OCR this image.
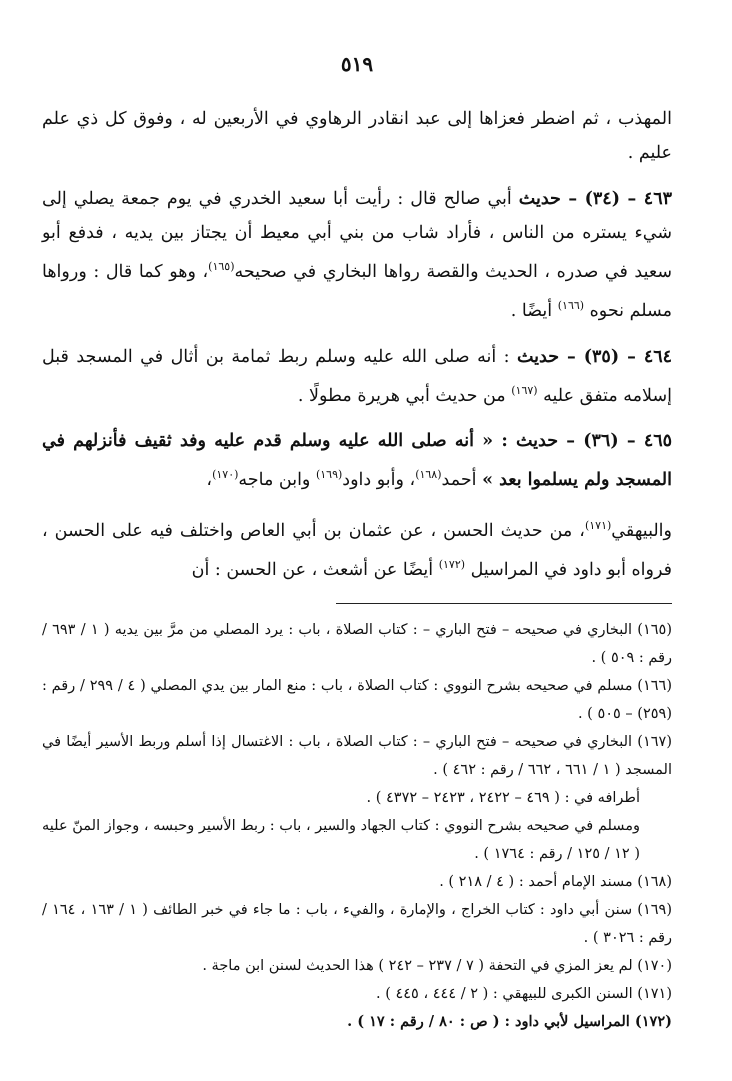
٥١٩

المهذب ، ثم اضطر فعزاها إلى عبد انقادر الرهاوي في الأربعين له ، وفوق كل ذي علم عليم .

٤٦٣ – (٣٤) – حديث أبي صالح قال : رأيت أبا سعيد الخدري في يوم جمعة يصلي إلى شيء يستره من الناس ، فأراد شاب من بني أبي معيط أن يجتاز بين يديه ، فدفع أبو سعيد في صدره ، الحديث والقصة رواها البخاري في صحيحه$^{(١٦٥)}$، وهو كما قال : ورواها مسلم نحوه $^{(١٦٦)}$ أيضًا .

٤٦٤ – (٣٥) – حديث : أنه صلى الله عليه وسلم ربط ثمامة بن أثال في المسجد قبل إسلامه متفق عليه $^{(١٦٧)}$ من حديث أبي هريرة مطولًا .

٤٦٥ – (٣٦) – حديث : « أنه صلى الله عليه وسلم قدم عليه وفد ثقيف فأنزلهم في المسجد ولم يسلموا بعد » أحمد$^{(١٦٨)}$، وأبو داود$^{(١٦٩)}$ وابن ماجه$^{(١٧٠)}$،

والبيهقي$^{(١٧١)}$، من حديث الحسن ، عن عثمان بن أبي العاص واختلف فيه على الحسن ، فرواه أبو داود في المراسيل $^{(١٧٢)}$ أيضًا عن أشعث ، عن الحسن : أن

(١٦٥) البخاري في صحيحه – فتح الباري – : كتاب الصلاة ، باب : يرد المصلي من مرَّ بين يديه ( ١ / ٦٩٣ / رقم : ٥٠٩ ) .

(١٦٦) مسلم في صحيحه بشرح النووي : كتاب الصلاة ، باب : منع المار بين يدي المصلي ( ٤ / ٢٩٩ / رقم : (٢٥٩) – ٥٠٥ ) .

(١٦٧) البخاري في صحيحه – فتح الباري – : كتاب الصلاة ، باب : الاغتسال إذا أسلم وربط الأسير أيضًا في المسجد ( ١ / ٦٦١ ، ٦٦٢ / رقم : ٤٦٢ ) .

أطرافه في : ( ٤٦٩ – ٢٤٢٢ ، ٢٤٢٣ – ٤٣٧٢ ) .

ومسلم في صحيحه بشرح النووي : كتاب الجهاد والسير ، باب : ربط الأسير وحبسه ، وجواز المنّ عليه ( ١٢ / ١٢٥ / رقم : ١٧٦٤ ) .

(١٦٨) مسند الإمام أحمد : ( ٤ / ٢١٨ ) .

(١٦٩) سنن أبي داود : كتاب الخراج ، والإمارة ، والفيء ، باب : ما جاء في خبر الطائف ( ١ / ١٦٣ ، ١٦٤ / رقم : ٣٠٢٦ ) .

(١٧٠) لم يعز المزي في التحفة ( ٧ / ٢٣٧ – ٢٤٢ ) هذا الحديث لسنن ابن ماجة .

(١٧١) السنن الكبرى للبيهقي : ( ٢ / ٤٤٤ ، ٤٤٥ ) .

(١٧٢) المراسيل لأبي داود : ( ص : ٨٠ / رقم : ١٧ ) .
